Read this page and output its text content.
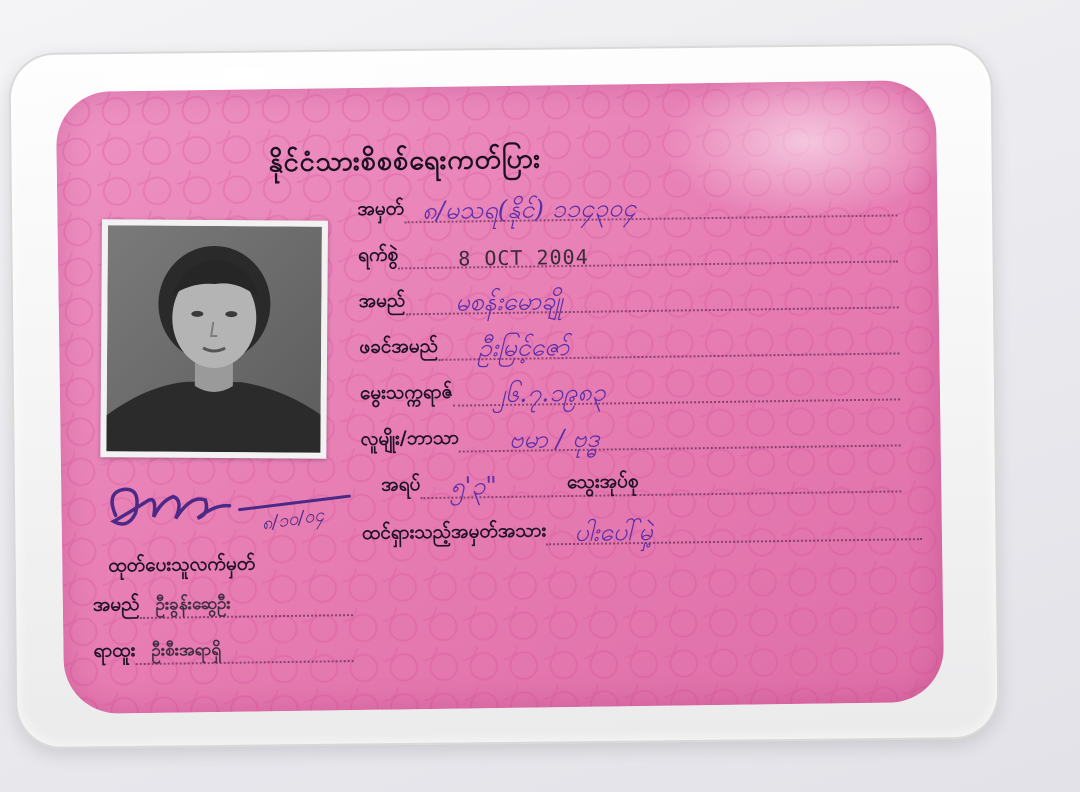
နိုင်ငံသားစိစစ်ရေးကတ်ပြား
အမှတ် ၈/မသရ(နိုင်) ၁၁၄၃၀၄
ရက်စွဲ	8 OCT 2004
အမည် မစန်းမောချို
ဖခင်အမည် ဦးမြင့်ဇော်
မွေးသက္ကရာဇ် ၂၆.၇.၁၉၈၃
လူမျိုး/ဘာသာ ဗမာ / ဗုဒ္ဓ
အရပ် ၅'၃"	သွေးအုပ်စု
ထင်ရှားသည့်အမှတ်အသား ပါးပေါ်မှဲ့
၈/၁၀/၀၄
ထုတ်ပေးသူလက်မှတ်
အမည် ဦးခွန်းဆွေဦး
ရာထူး ဦးစီးအရာရှိ
